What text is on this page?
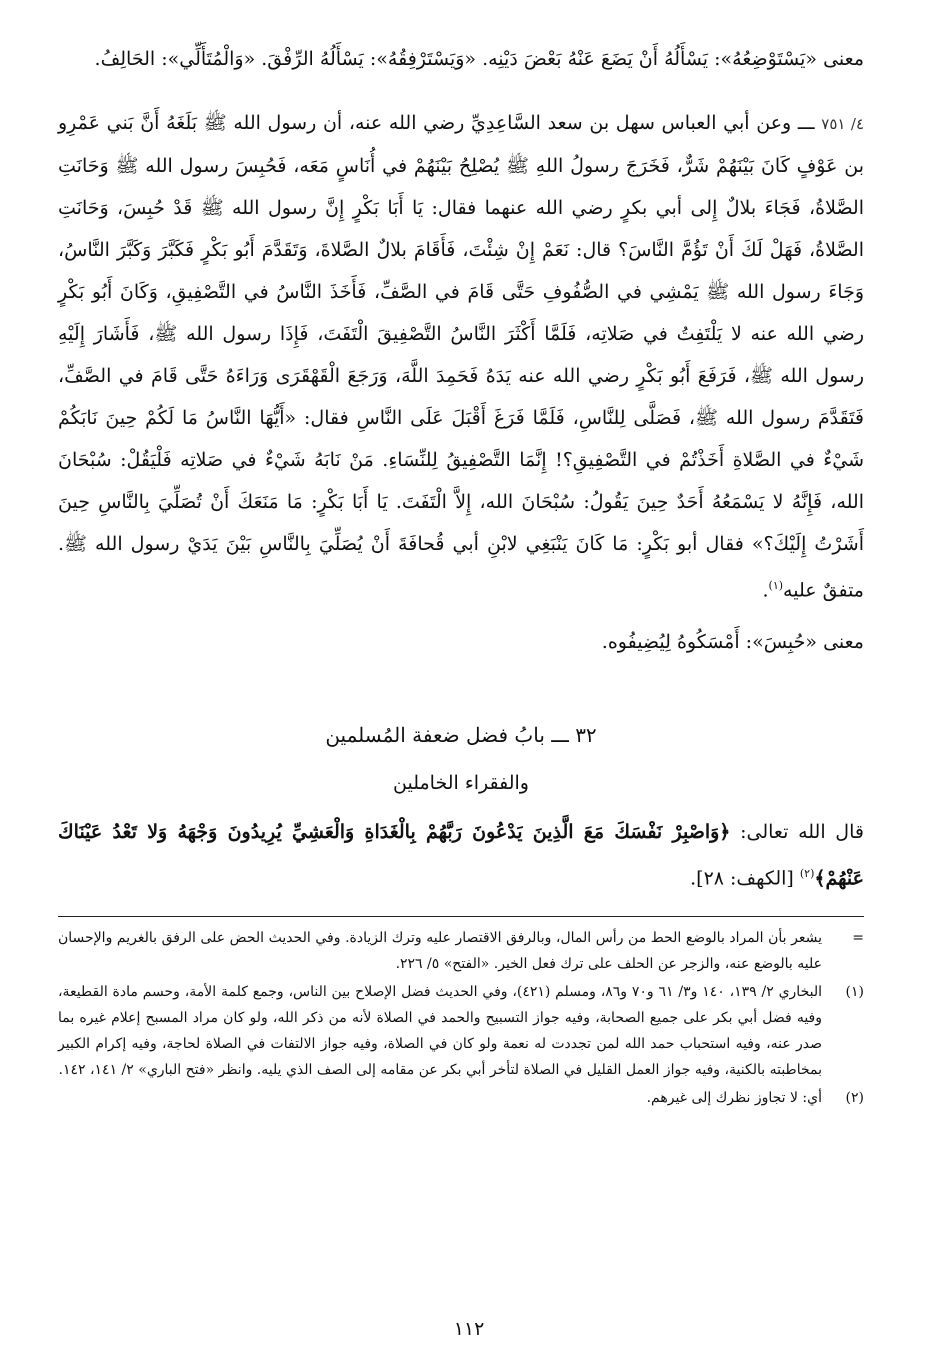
معنى «يَسْتَوْضِعُهُ»: يَسْأَلُهُ أَنْ يَضَعَ عَنْهُ بَعْضَ دَيْنِه. «وَيَسْتَرْفِقُهُ»: يَسْأَلُهُ الرِّفْقَ. «وَالْمُتَأَلِّي»: الحَالِفُ.

٤/ ٧٥١ ـــ وعن أبي العباس سهل بن سعد السَّاعِدِيِّ رضي الله عنه، أن رسول الله ﷺ بَلَغَهُ أَنَّ بَني عَمْرِو بن عَوْفٍ كَانَ بَيْنَهُمْ شَرٌّ، فَخَرَجَ رسولُ اللهِ ﷺ يُصْلِحُ بَيْنَهُمْ في أُنَاسٍ مَعَه، فَحُبِسَ رسول الله ﷺ وَحَانَتِ الصَّلاةُ، فَجَاءَ بلالٌ إِلى أبي بكرٍ رضي الله عنهما فقال: يَا أَبَا بَكْرٍ إِنَّ رسول الله ﷺ قَدْ حُبِسَ، وَحَانَتِ الصَّلاةُ، فَهَلْ لَكَ أَنْ تَؤُمَّ النَّاسَ؟ قال: نَعَمْ إِنْ شِئْتَ، فَأَقَامَ بلالٌ الصَّلاةَ، وَتَقَدَّمَ أَبُو بَكْرٍ فَكَبَّرَ وَكَبَّرَ النَّاسُ، وَجَاءَ رسول الله ﷺ يَمْشِي في الصُّفُوفِ حَتَّى قَامَ في الصَّفِّ، فَأَخَذَ النَّاسُ في التَّصْفِيقِ، وَكَانَ أَبُو بَكْرٍ رضي الله عنه لا يَلْتَفِتُ في صَلاتِه، فَلَمَّا أَكْثَرَ النَّاسُ التَّصْفِيقَ الْتَفَتَ، فَإِذَا رسول الله ﷺ، فَأَشَارَ إِلَيْهِ رسول الله ﷺ، فَرَفَعَ أَبُو بَكْرٍ رضي الله عنه يَدَهُ فَحَمِدَ اللَّهَ، وَرَجَعَ الْقَهْقَرَى وَرَاءَهُ حَتَّى قَامَ في الصَّفِّ، فَتَقَدَّمَ رسول الله ﷺ، فَصَلَّى لِلنَّاسِ، فَلَمَّا فَرَغَ أَقْبَلَ عَلَى النَّاسِ فقال: «أَيُّهَا النَّاسُ مَا لَكُمْ حِينَ نَابَكُمْ شَيْءٌ في الصَّلاةِ أَخَذْتُمْ في التَّصْفِيقِ؟! إِنَّمَا التَّصْفِيقُ لِلنِّسَاءِ. مَنْ نَابَهُ شَيْءٌ في صَلاتِه فَلْيَقُلْ: سُبْحَانَ الله، فَإِنَّهُ لا يَسْمَعُهُ أَحَدٌ حِينَ يَقُولُ: سُبْحَانَ الله، إِلاَّ الْتَفَتَ. يَا أَبَا بَكْرٍ: مَا مَنَعَكَ أَنْ تُصَلِّيَ بِالنَّاسِ حِينَ أَشَرْتُ إِلَيْكَ؟» فقال أبو بَكْرٍ: مَا كَانَ يَنْبَغِي لابْنِ أبي قُحافَةَ أَنْ يُصَلِّيَ بِالنَّاسِ بَيْنَ يَدَيْ رسول الله ﷺ. متفقٌ عليه$^{(١)}$.

معنى «حُبِسَ»: أَمْسَكُوهُ لِيُضِيفُوه.

٣٢ ـــ بابُ فضل ضعفة المُسلمين
والفقراء الخاملين

قال الله تعالى: ﴿وَاصْبِرْ نَفْسَكَ مَعَ الَّذِينَ يَدْعُونَ رَبَّهُمْ بِالْغَدَاةِ وَالْعَشِيِّ يُرِيدُونَ وَجْهَهُ وَلا تَعْدُ عَيْنَاكَ عَنْهُمْ﴾$^{(٢)}$ [الكهف: ٢٨].

=
يشعر بأن المراد بالوضع الحط من رأس المال، وبالرفق الاقتصار عليه وترك الزيادة. وفي الحديث الحض على الرفق بالغريم والإحسان عليه بالوضع عنه، والزجر عن الحلف على ترك فعل الخير. «الفتح» ٥/ ٢٢٦.
(١)
البخاري ٢/ ١٣٩، ١٤٠ و٣/ ٦١ و٧٠ و٨٦، ومسلم (٤٢١)، وفي الحديث فضل الإصلاح بين الناس، وجمع كلمة الأمة، وحسم مادة القطيعة، وفيه فضل أبي بكر على جميع الصحابة، وفيه جواز التسبيح والحمد في الصلاة لأنه من ذكر الله، ولو كان مراد المسبح إعلام غيره بما صدر عنه، وفيه استحباب حمد الله لمن تجددت له نعمة ولو كان في الصلاة، وفيه جواز الالتفات في الصلاة لحاجة، وفيه إكرام الكبير بمخاطبته بالكنية، وفيه جواز العمل القليل في الصلاة لتأخر أبي بكر عن مقامه إلى الصف الذي يليه. وانظر «فتح الباري» ٢/ ١٤١، ١٤٢.
(٢)
أي: لا تجاوز نظرك إلى غيرهم.
١١٢
